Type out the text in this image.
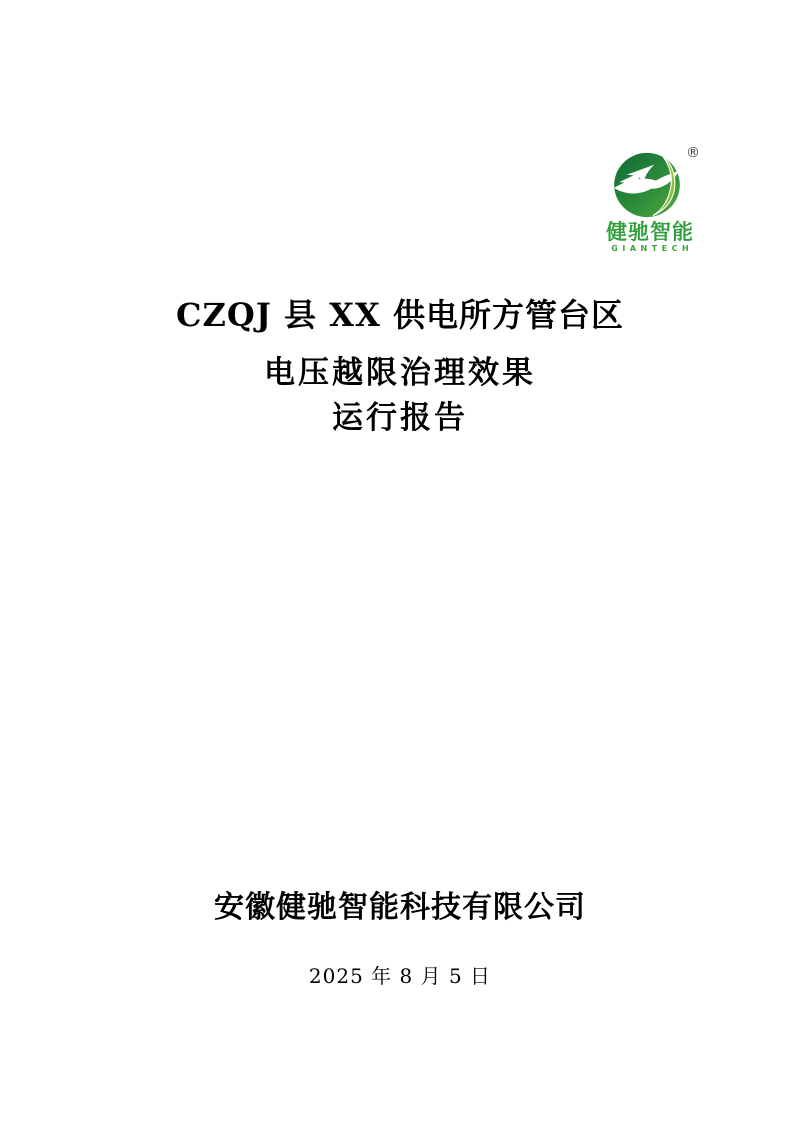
®
健驰智能
GIANTECH
CZQJ 县 XX 供电所方管台区
电压越限治理效果
运行报告
安徽健驰智能科技有限公司
2025 年 8 月 5 日
